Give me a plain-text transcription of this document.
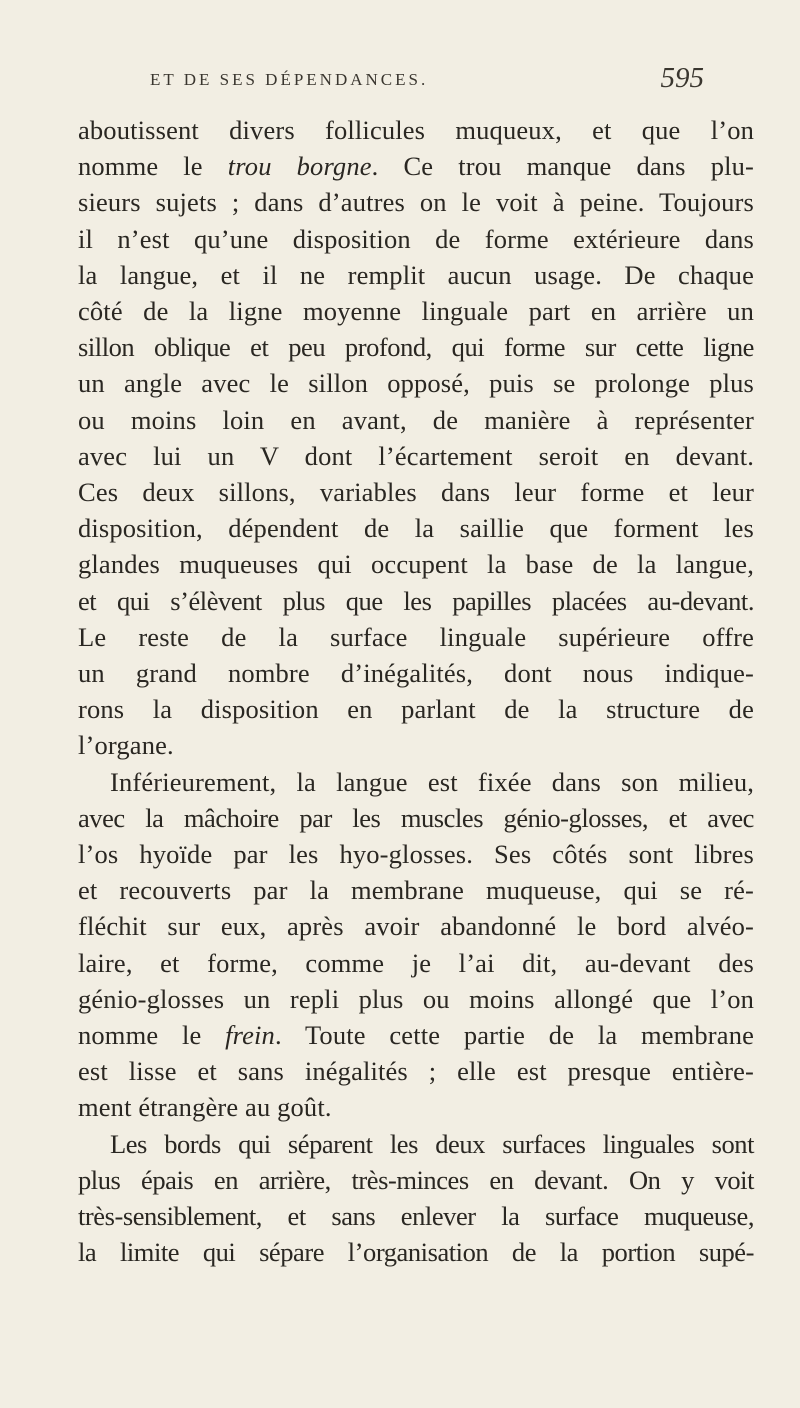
ET DE SES DÉPENDANCES.	595
aboutissent divers follicules muqueux, et que l’on
nomme le trou borgne. Ce trou manque dans plu-
sieurs sujets ; dans d’autres on le voit à peine. Toujours
il n’est qu’une disposition de forme extérieure dans
la langue, et il ne remplit aucun usage. De chaque
côté de la ligne moyenne linguale part en arrière un
sillon oblique et peu profond, qui forme sur cette ligne
un angle avec le sillon opposé, puis se prolonge plus
ou moins loin en avant, de manière à représenter
avec lui un V dont l’écartement seroit en devant.
Ces deux sillons, variables dans leur forme et leur
disposition, dépendent de la saillie que forment les
glandes muqueuses qui occupent la base de la langue,
et qui s’élèvent plus que les papilles placées au-devant.
Le reste de la surface linguale supérieure offre
un grand nombre d’inégalités, dont nous indique-
rons la disposition en parlant de la structure de
l’organe.
Inférieurement, la langue est fixée dans son milieu,
avec la mâchoire par les muscles génio-glosses, et avec
l’os hyoïde par les hyo-glosses. Ses côtés sont libres
et recouverts par la membrane muqueuse, qui se ré-
fléchit sur eux, après avoir abandonné le bord alvéo-
laire, et forme, comme je l’ai dit, au-devant des
génio-glosses un repli plus ou moins allongé que l’on
nomme le frein. Toute cette partie de la membrane
est lisse et sans inégalités ; elle est presque entière-
ment étrangère au goût.
Les bords qui séparent les deux surfaces linguales sont
plus épais en arrière, très-minces en devant. On y voit
très-sensiblement, et sans enlever la surface muqueuse,
la limite qui sépare l’organisation de la portion supé-
